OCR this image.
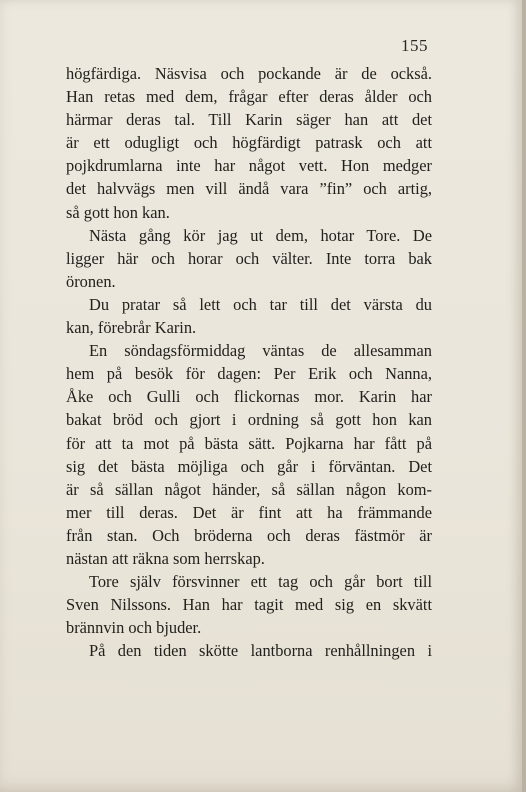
155
högfärdiga. Näsvisa och pockande är de också.
Han retas med dem, frågar efter deras ålder och
härmar deras tal. Till Karin säger han att det
är ett odugligt och högfärdigt patrask och att
pojkdrumlarna inte har något vett. Hon medger
det halvvägs men vill ändå vara ”fin” och artig,
så gott hon kan.
Nästa gång kör jag ut dem, hotar Tore. De
ligger här och horar och välter. Inte torra bak
öronen.
Du pratar så lett och tar till det värsta du
kan, förebrår Karin.
En söndagsförmiddag väntas de allesamman
hem på besök för dagen: Per Erik och Nanna,
Åke och Gulli och flickornas mor. Karin har
bakat bröd och gjort i ordning så gott hon kan
för att ta mot på bästa sätt. Pojkarna har fått på
sig det bästa möjliga och går i förväntan. Det
är så sällan något händer, så sällan någon kom-
mer till deras. Det är fint att ha främmande
från stan. Och bröderna och deras fästmör är
nästan att räkna som herrskap.
Tore själv försvinner ett tag och går bort till
Sven Nilssons. Han har tagit med sig en skvätt
brännvin och bjuder.
På den tiden skötte lantborna renhållningen i
